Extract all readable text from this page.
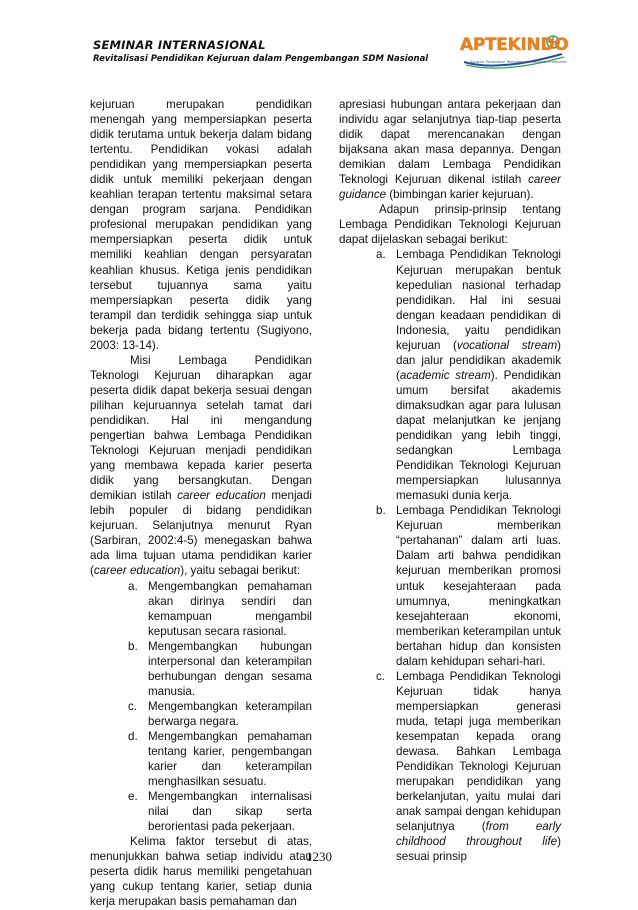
SEMINAR INTERNASIONAL
Revitalisasi Pendidikan Kejuruan dalam Pengembangan SDM Nasional
APTEKINDO
Asosiasi Pendidikan Teknologi dan Kejuruan Indonesia

kejuruan merupakan pendidikan menengah yang mempersiapkan peserta didik terutama untuk bekerja dalam bidang tertentu. Pendidikan vokasi adalah pendidikan yang mempersiapkan peserta didik untuk memiliki pekerjaan dengan keahlian terapan tertentu maksimal setara dengan program sarjana. Pendidikan profesional merupakan pendidikan yang mempersiapkan peserta didik untuk memiliki keahlian dengan persyaratan keahlian khusus. Ketiga jenis pendidikan tersebut tujuannya sama yaitu mempersiapkan peserta didik yang terampil dan terdidik sehingga siap untuk bekerja pada bidang tertentu (Sugiyono, 2003: 13-14).

Misi Lembaga Pendidikan Teknologi Kejuruan diharapkan agar peserta didik dapat bekerja sesuai dengan pilihan kejuruannya setelah tamat dari pendidikan. Hal ini mengandung pengertian bahwa Lembaga Pendidikan Teknologi Kejuruan menjadi pendidikan yang membawa kepada karier peserta didik yang bersangkutan. Dengan demikian istilah career education menjadi lebih populer di bidang pendidikan kejuruan. Selanjutnya menurut Ryan (Sarbiran, 2002:4-5) menegaskan bahwa ada lima tujuan utama pendidikan karier (career education), yaitu sebagai berikut:

a. Mengembangkan pemahaman akan dirinya sendiri dan kemampuan mengambil keputusan secara rasional.
b. Mengembangkan hubungan interpersonal dan keterampilan berhubungan dengan sesama manusia.
c. Mengembangkan keterampilan berwarga negara.
d. Mengembangkan pemahaman tentang karier, pengembangan karier dan keterampilan menghasilkan sesuatu.
e. Mengembangkan internalisasi nilai dan sikap serta berorientasi pada pekerjaan.

Kelima faktor tersebut di atas, menunjukkan bahwa setiap individu atau peserta didik harus memiliki pengetahuan yang cukup tentang karier, setiap dunia kerja merupakan basis pemahaman dan

apresiasi hubungan antara pekerjaan dan individu agar selanjutnya tiap-tiap peserta didik dapat merencanakan dengan bijaksana akan masa depannya. Dengan demikian dalam Lembaga Pendidikan Teknologi Kejuruan dikenal istilah career guidance (bimbingan karier kejuruan).

Adapun prinsip-prinsip tentang Lembaga Pendidikan Teknologi Kejuruan dapat dijelaskan sebagai berikut:

a. Lembaga Pendidikan Teknologi Kejuruan merupakan bentuk kepedulian nasional terhadap pendidikan. Hal ini sesuai dengan keadaan pendidikan di Indonesia, yaitu pendidikan kejuruan (vocational stream) dan jalur pendidikan akademik (academic stream). Pendidikan umum bersifat akademis dimaksudkan agar para lulusan dapat melanjutkan ke jenjang pendidikan yang lebih tinggi, sedangkan Lembaga Pendidikan Teknologi Kejuruan mempersiapkan lulusannya memasuki dunia kerja.
b. Lembaga Pendidikan Teknologi Kejuruan memberikan “pertahanan” dalam arti luas. Dalam arti bahwa pendidikan kejuruan memberikan promosi untuk kesejahteraan pada umumnya, meningkatkan kesejahteraan ekonomi, memberikan keterampilan untuk bertahan hidup dan konsisten dalam kehidupan sehari-hari.
c. Lembaga Pendidikan Teknologi Kejuruan tidak hanya mempersiapkan generasi muda, tetapi juga memberikan kesempatan kepada orang dewasa. Bahkan Lembaga Pendidikan Teknologi Kejuruan merupakan pendidikan yang berkelanjutan, yaitu mulai dari anak sampai dengan kehidupan selanjutnya (from early childhood throughout life) sesuai prinsip
1230
